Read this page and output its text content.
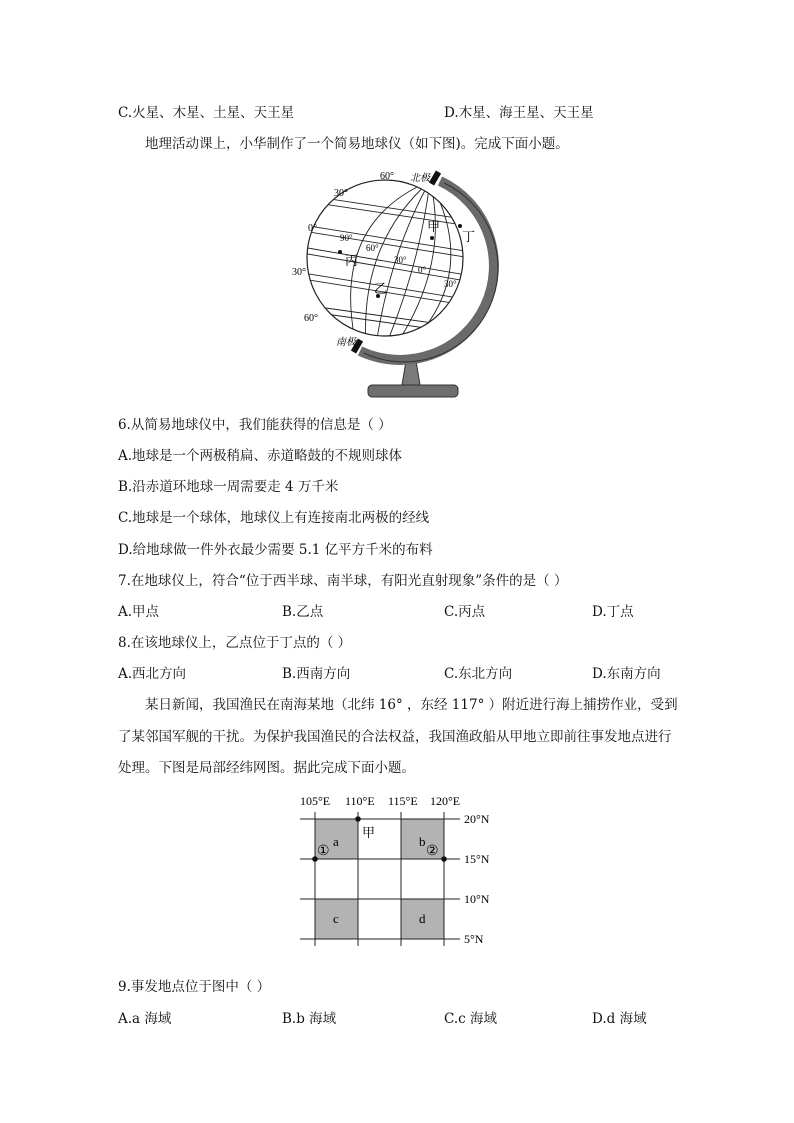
C.火星、木星、土星、天王星	D.木星、海王星、天王星
地理活动课上，小华制作了一个简易地球仪（如下图)。完成下面小题。
北极
南极
60°
30°
0°
30°
60°
90°
60°
30°
0°
30°
甲
丁
丙
乙
6.从简易地球仪中，我们能获得的信息是（ ）
A.地球是一个两极稍扁、赤道略鼓的不规则球体
B.沿赤道环地球一周需要走 4 万千米
C.地球是一个球体，地球仪上有连接南北两极的经线
D.给地球做一件外衣最少需要 5.1 亿平方千米的布料
7.在地球仪上，符合“位于西半球、南半球，有阳光直射现象”条件的是（ ）
A.甲点	B.乙点	C.丙点	D.丁点
8.在该地球仪上，乙点位于丁点的（ ）
A.西北方向	B.西南方向	C.东北方向	D.东南方向
某日新闻，我国渔民在南海某地（北纬 16° ，东经 117° ）附近进行海上捕捞作业，受到了某邻国军舰的干扰。为保护我国渔民的合法权益，我国渔政船从甲地立即前往事发地点进行处理。下图是局部经纬网图。据此完成下面小题。
105°E 110°E 115°E 120°E
20°N
15°N
10°N
5°N
a	b
c	d
甲
①	②
9.事发地点位于图中（ ）
A.a 海域	B.b 海域	C.c 海域	D.d 海域
